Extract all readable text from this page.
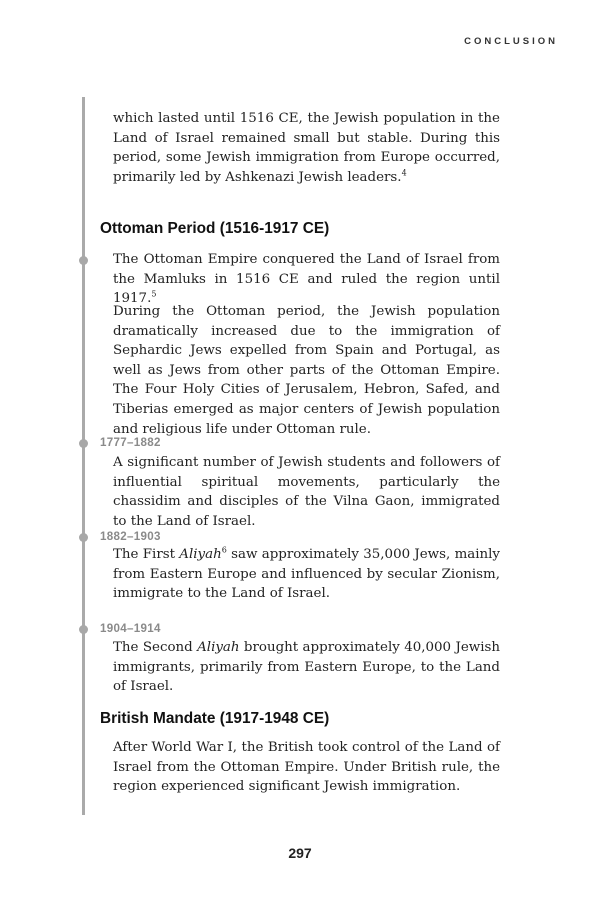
CONCLUSION

which lasted until 1516 CE, the Jewish population in the Land of Israel remained small but stable. During this period, some Jewish immigration from Europe occurred, primarily led by Ashkenazi Jewish leaders.$^4$

Ottoman Period (1516-1917 CE)

The Ottoman Empire conquered the Land of Israel from the Mamluks in 1516 CE and ruled the region until 1917.$^5$

During the Ottoman period, the Jewish population dramatically increased due to the immigration of Sephardic Jews expelled from Spain and Portugal, as well as Jews from other parts of the Ottoman Empire. The Four Holy Cities of Jerusalem, Hebron, Safed, and Tiberias emerged as major centers of Jewish population and religious life under Ottoman rule.

1777–1882

A significant number of Jewish students and followers of influential spiritual movements, particularly the chassidim and disciples of the Vilna Gaon, immigrated to the Land of Israel.

1882–1903

The First Aliyah$^6$ saw approximately 35,000 Jews, mainly from Eastern Europe and influenced by secular Zionism, immigrate to the Land of Israel.

1904–1914

The Second Aliyah brought approximately 40,000 Jewish immigrants, primarily from Eastern Europe, to the Land of Israel.

British Mandate (1917-1948 CE)

After World War I, the British took control of the Land of Israel from the Ottoman Empire. Under British rule, the region experienced significant Jewish immigration.

297
